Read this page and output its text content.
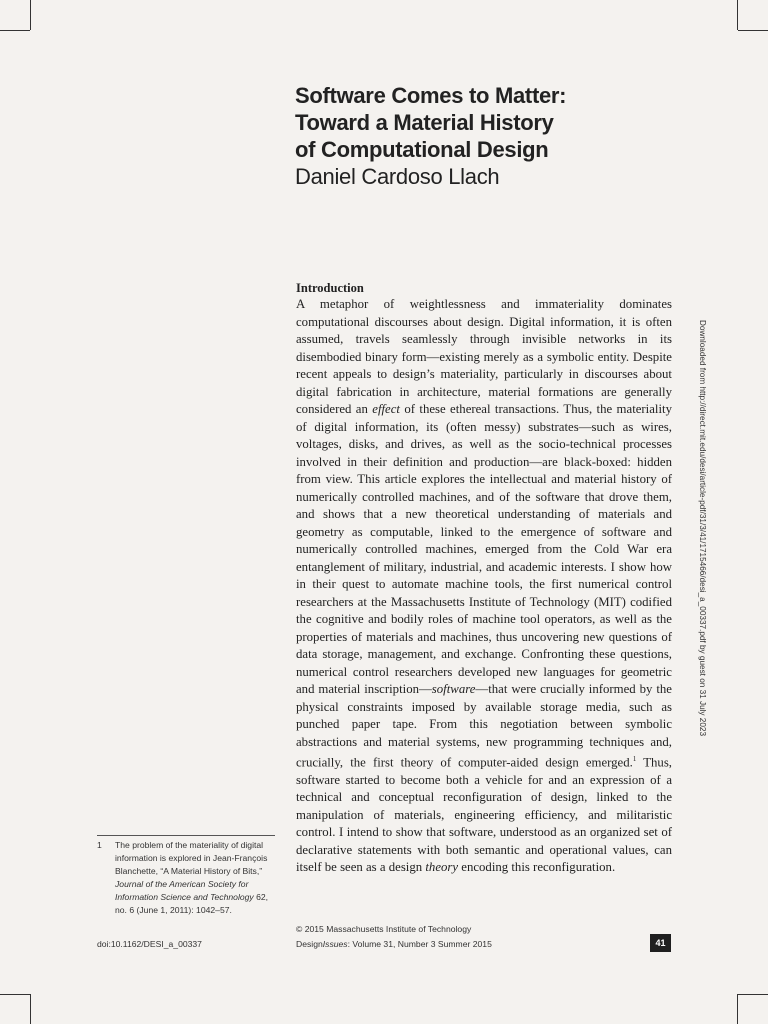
Software Comes to Matter:
Toward a Material History
of Computational Design
Daniel Cardoso Llach
Introduction

A metaphor of weightlessness and immateriality dominates computational discourses about design. Digital information, it is often assumed, travels seamlessly through invisible networks in its disembodied binary form—existing merely as a symbolic entity. Despite recent appeals to design’s materiality, particularly in discourses about digital fabrication in architecture, material formations are generally considered an effect of these ethereal transactions. Thus, the materiality of digital information, its (often messy) substrates—such as wires, voltages, disks, and drives, as well as the socio-technical processes involved in their definition and production—are black-boxed: hidden from view. This article explores the intellectual and material history of numerically controlled machines, and of the software that drove them, and shows that a new theoretical understanding of materials and geometry as computable, linked to the emergence of software and numerically controlled machines, emerged from the Cold War era entanglement of military, industrial, and academic interests. I show how in their quest to automate machine tools, the first numerical control researchers at the Massachusetts Institute of Technology (MIT) codified the cognitive and bodily roles of machine tool operators, as well as the properties of materials and machines, thus uncovering new questions of data storage, management, and exchange. Confronting these questions, numerical control researchers developed new languages for geometric and material inscription—software—that were crucially informed by the physical constraints imposed by available storage media, such as punched paper tape. From this negotiation between symbolic abstractions and material systems, new programming techniques and, crucially, the first theory of computer-aided design emerged.$^1$ Thus, software started to become both a vehicle for and an expression of a technical and conceptual reconfiguration of design, linked to the manipulation of materials, engineering efficiency, and militaristic control. I intend to show that software, understood as an organized set of declarative statements with both semantic and operational values, can itself be seen as a design theory encoding this reconfiguration.

Downloaded from http://direct.mit.edu/desi/article-pdf/31/3/41/1715466/desi_a_00337.pdf by guest on 31 July 2023
1 The problem of the materiality of digital information is explored in Jean-François Blanchette, “A Material History of Bits,” Journal of the American Society for Information Science and Technology 62, no. 6 (June 1, 2011): 1042–57.
doi:10.1162/DESI_a_00337
© 2015 Massachusetts Institute of Technology
DesignIssues: Volume 31, Number 3 Summer 2015	41
